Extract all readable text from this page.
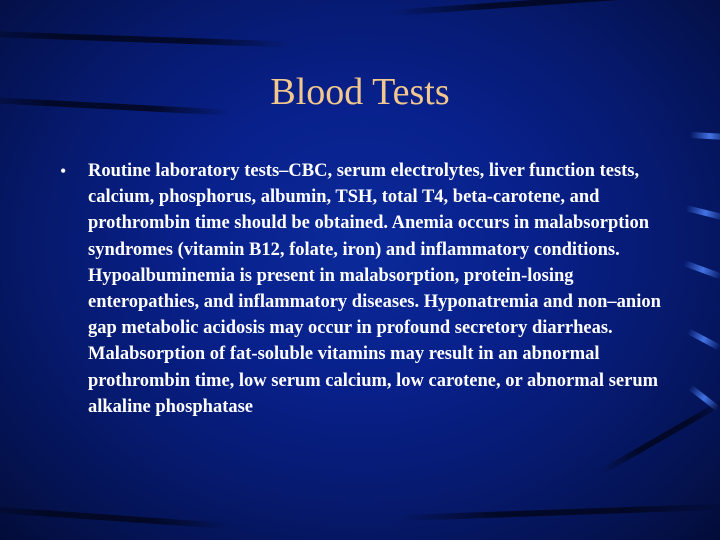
Blood Tests
• Routine laboratory tests–CBC, serum electrolytes, liver function tests, calcium, phosphorus, albumin, TSH, total T4, beta-carotene, and prothrombin time should be obtained. Anemia occurs in malabsorption syndromes (vitamin B12, folate, iron) and inflammatory conditions. Hypoalbuminemia is present in malabsorption, protein-losing enteropathies, and inflammatory diseases. Hyponatremia and non–anion gap metabolic acidosis may occur in profound secretory diarrheas. Malabsorption of fat-soluble vitamins may result in an abnormal prothrombin time, low serum calcium, low carotene, or abnormal serum alkaline phosphatase
